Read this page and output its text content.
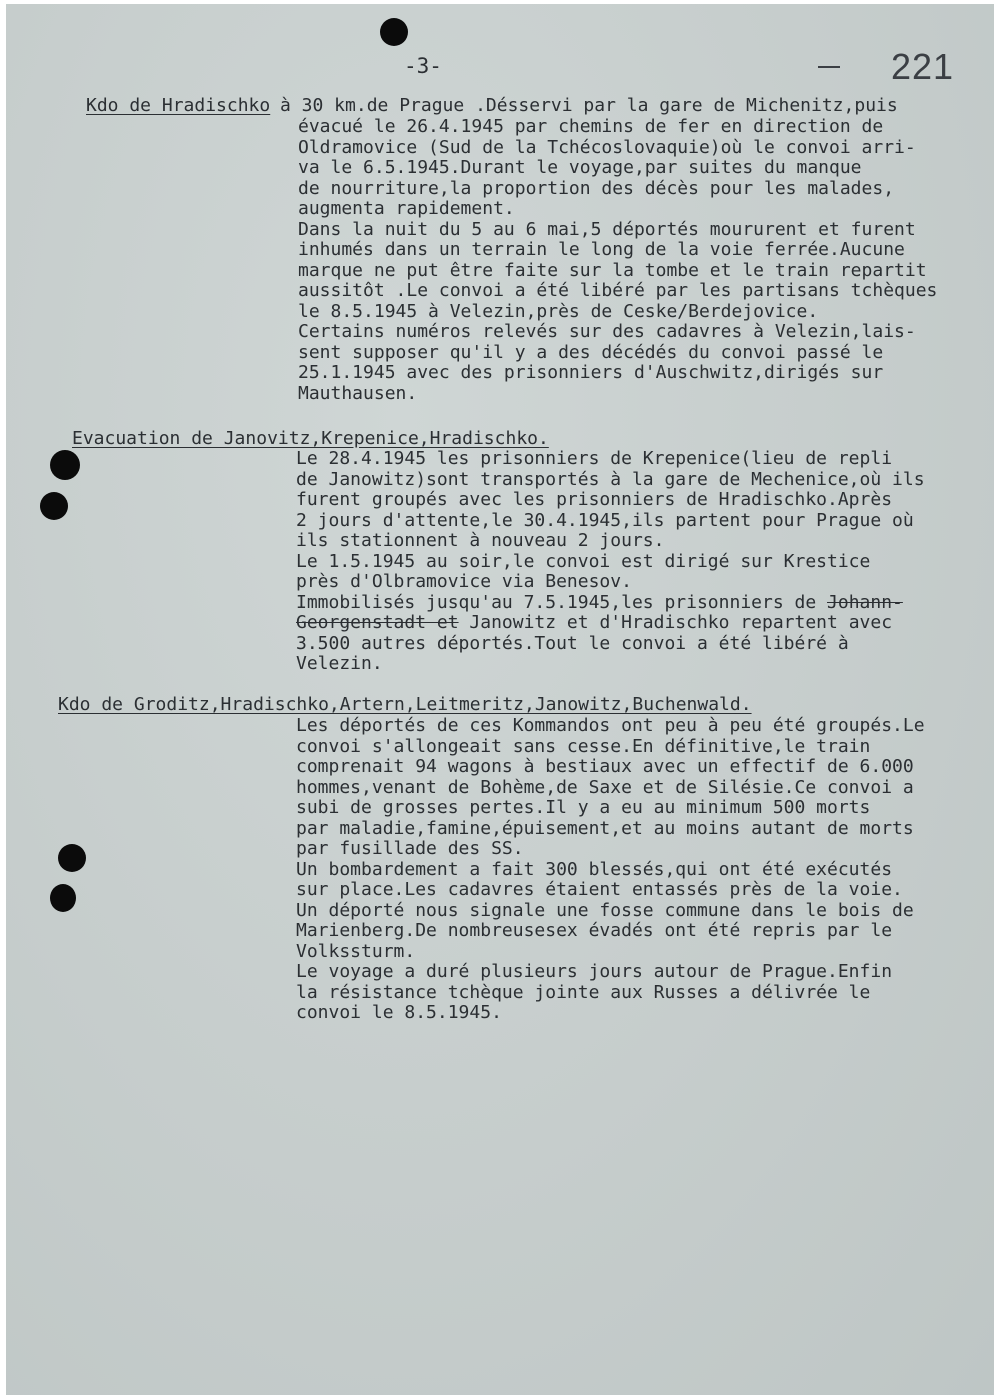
-3-	221
Kdo de Hradischko à 30 km.de Prague .Désservi par la gare de Michenitz,puis
évacué le 26.4.1945 par chemins de fer en direction de
Oldramovice (Sud de la Tchécoslovaquie)où le convoi arri-
va le 6.5.1945.Durant le voyage,par suites du manque
de nourriture,la proportion des décès pour les malades,
augmenta rapidement.
Dans la nuit du 5 au 6 mai,5 déportés moururent et furent
inhumés dans un terrain le long de la voie ferrée.Aucune
marque ne put être faite sur la tombe et le train repartit
aussitôt .Le convoi a été libéré par les partisans tchèques
le 8.5.1945 à Velezin,près de Ceske/Berdejovice.
Certains numéros relevés sur des cadavres à Velezin,lais-
sent supposer qu'il y a des décédés du convoi passé le
25.1.1945 avec des prisonniers d'Auschwitz,dirigés sur
Mauthausen.
Evacuation de Janovitz,Krepenice,Hradischko.
Le 28.4.1945 les prisonniers de Krepenice(lieu de repli
de Janowitz)sont transportés à la gare de Mechenice,où ils
furent groupés avec les prisonniers de Hradischko.Après
2 jours d'attente,le 30.4.1945,ils partent pour Prague où
ils stationnent à nouveau 2 jours.
Le 1.5.1945 au soir,le convoi est dirigé sur Krestice
près d'Olbramovice via Benesov.
Immobilisés jusqu'au 7.5.1945,les prisonniers de Johann-
Georgenstadt et Janowitz et d'Hradischko repartent avec
3.500 autres déportés.Tout le convoi a été libéré à
Velezin.
Kdo de Groditz,Hradischko,Artern,Leitmeritz,Janowitz,Buchenwald.
Les déportés de ces Kommandos ont peu à peu été groupés.Le
convoi s'allongeait sans cesse.En définitive,le train
comprenait 94 wagons à bestiaux avec un effectif de 6.000
hommes,venant de Bohème,de Saxe et de Silésie.Ce convoi a
subi de grosses pertes.Il y a eu au minimum 500 morts
par maladie,famine,épuisement,et au moins autant de morts
par fusillade des SS.
Un bombardement a fait 300 blessés,qui ont été exécutés
sur place.Les cadavres étaient entassés près de la voie.
Un déporté nous signale une fosse commune dans le bois de
Marienberg.De nombreusesex évadés ont été repris par le
Volkssturm.
Le voyage a duré plusieurs jours autour de Prague.Enfin
la résistance tchèque jointe aux Russes a délivrée le
convoi le 8.5.1945.
